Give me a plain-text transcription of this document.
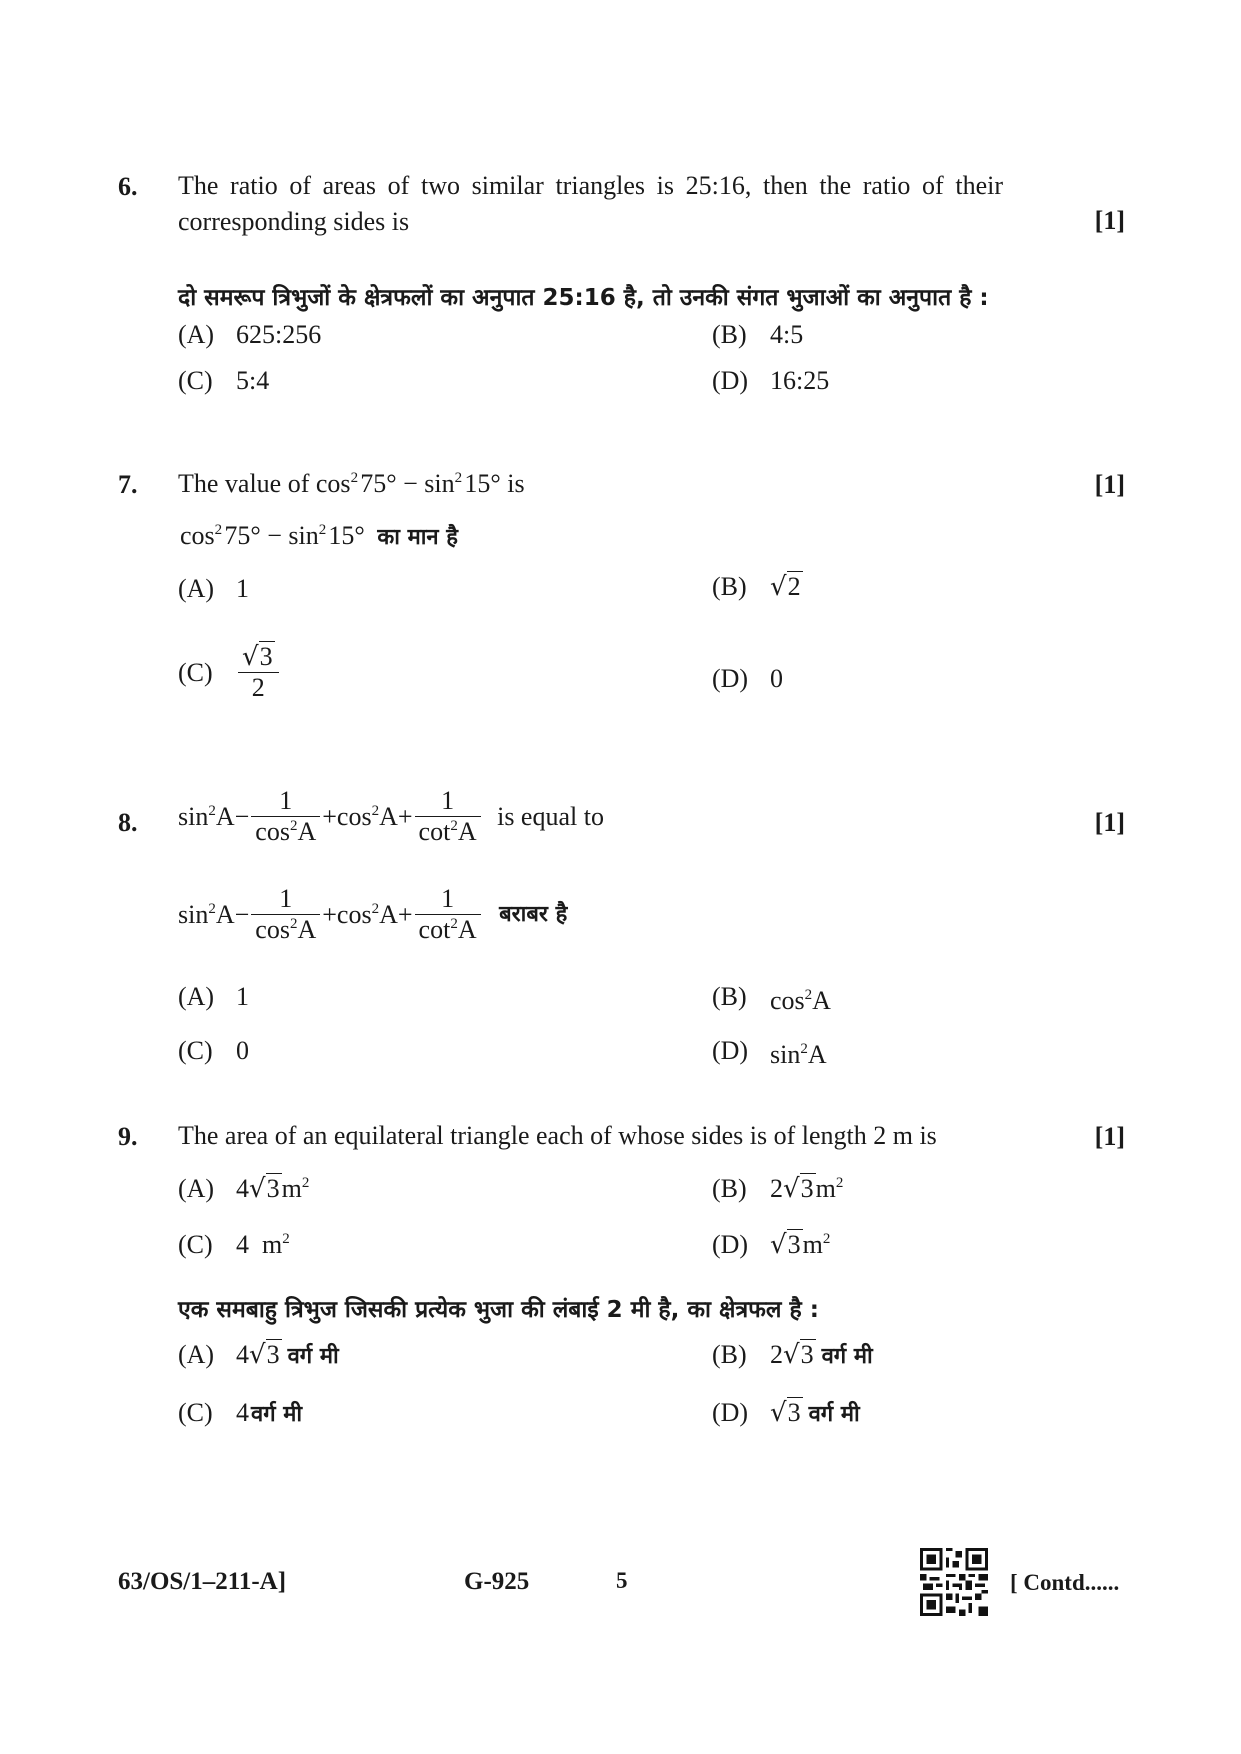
6. The ratio of areas of two similar triangles is 25:16, then the ratio of their corresponding sides is	[1]
दो समरूप त्रिभुजों के क्षेत्रफलों का अनुपात 25:16 है, तो उनकी संगत भुजाओं का अनुपात है :
(A) 625:256	(B) 4:5
(C) 5:4	(D) 16:25
7. The value of $\cos^2$ $75^\circ - \sin^2$ 15° is	[1]
$\cos^2$ $75^\circ - \sin^2$ 15° का मान है
(A) 1	(B) √2
$(C) \frac{√3}{2}$	(D) 0
8. $\sin^2A- \frac{1}{\cos^2A} +\cos^2A+ \frac{1}{\cot^2A}$ is equal to	[1]
$\sin^2A- \frac{1}{\cos^2A} +\cos^2A+ \frac{1}{\cot^2A}$ बराबर है
(A) 1	(B) $\cos^2A$
(C) 0	(D) $\sin^2A$
9. The area of an equilateral triangle each of whose sides is of length 2 m is	[1]
(A) $4√3m^2$	(B) $2√3m^2$
(C) 4  $m^2$	(D) $√3m^2$
एक समबाहु त्रिभुज जिसकी प्रत्येक भुजा की लंबाई 2 मी है, का क्षेत्रफल है :
(A) 4√3 वर्ग मी	(B) 2√3 वर्ग मी
(C) 4वर्ग मी	(D) √3 वर्ग मी
63/OS/1–211-A]	G-925	5	[ Contd......
